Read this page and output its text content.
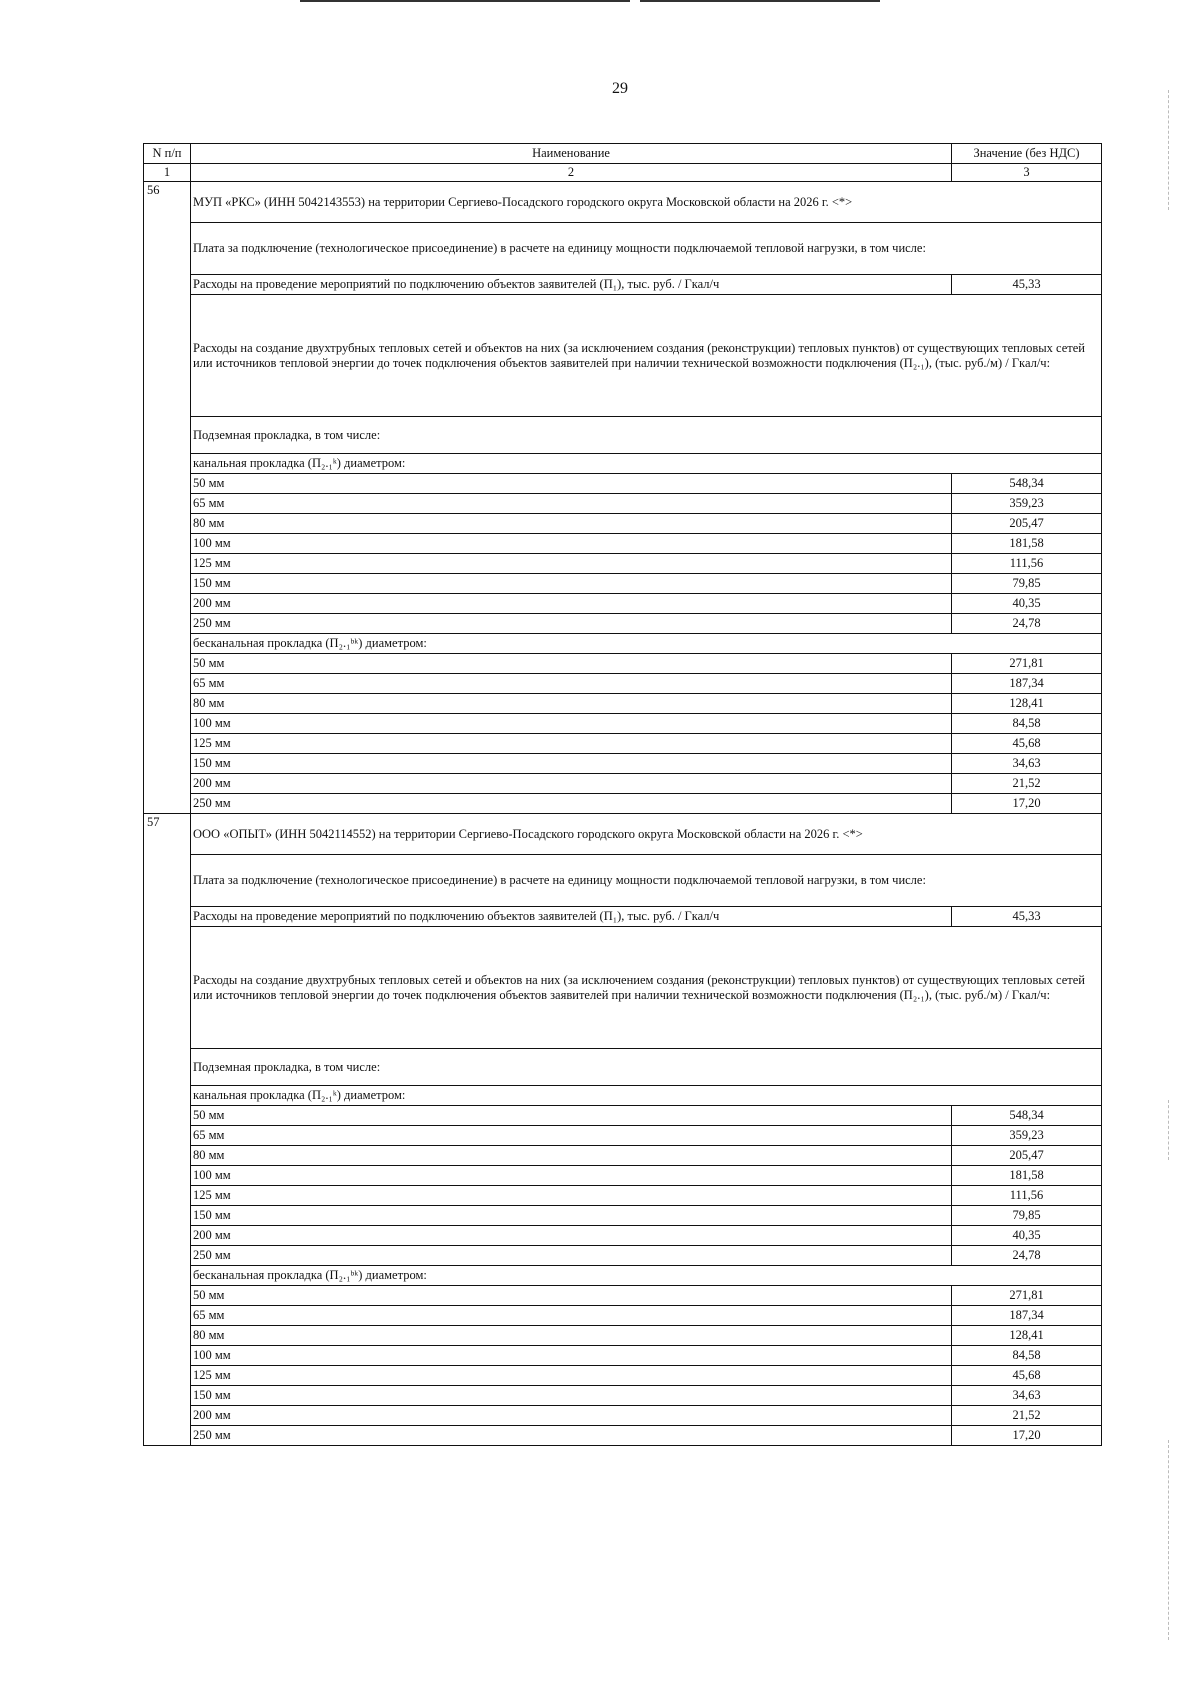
29
N п/п	Наименование	Значение (без НДС)
1	2	3
56	МУП «РКС» (ИНН 5042143553) на территории Сергиево-Посадского городского округа Московской области на 2026 г. <*>	
	Плата за подключение (технологическое присоединение) в расчете на единицу мощности подключаемой тепловой нагрузки, в том числе:	
	Расходы на проведение мероприятий по подключению объектов заявителей (П₁), тыс. руб. / Гкал/ч	45,33
	Расходы на создание двухтрубных тепловых сетей и объектов на них (за исключением создания (реконструкции) тепловых пунктов) от существующих тепловых сетей или источников тепловой энергии до точек подключения объектов заявителей при наличии технической возможности подключения (П₂.₁), (тыс. руб./м) / Гкал/ч:	
	Подземная прокладка, в том числе:	
	канальная прокладка (П₂.₁ᵏ) диаметром:	
	50 мм	548,34
	65 мм	359,23
	80 мм	205,47
	100 мм	181,58
	125 мм	111,56
	150 мм	79,85
	200 мм	40,35
	250 мм	24,78
	бесканальная прокладка (П₂.₁ᵇᵏ) диаметром:	
	50 мм	271,81
	65 мм	187,34
	80 мм	128,41
	100 мм	84,58
	125 мм	45,68
	150 мм	34,63
	200 мм	21,52
	250 мм	17,20
57	ООО «ОПЫТ» (ИНН 5042114552) на территории Сергиево-Посадского городского округа Московской области на 2026 г. <*>	
	Плата за подключение (технологическое присоединение) в расчете на единицу мощности подключаемой тепловой нагрузки, в том числе:	
	Расходы на проведение мероприятий по подключению объектов заявителей (П₁), тыс. руб. / Гкал/ч	45,33
	Расходы на создание двухтрубных тепловых сетей и объектов на них (за исключением создания (реконструкции) тепловых пунктов) от существующих тепловых сетей или источников тепловой энергии до точек подключения объектов заявителей при наличии технической возможности подключения (П₂.₁), (тыс. руб./м) / Гкал/ч:	
	Подземная прокладка, в том числе:	
	канальная прокладка (П₂.₁ᵏ) диаметром:	
	50 мм	548,34
	65 мм	359,23
	80 мм	205,47
	100 мм	181,58
	125 мм	111,56
	150 мм	79,85
	200 мм	40,35
	250 мм	24,78
	бесканальная прокладка (П₂.₁ᵇᵏ) диаметром:	
	50 мм	271,81
	65 мм	187,34
	80 мм	128,41
	100 мм	84,58
	125 мм	45,68
	150 мм	34,63
	200 мм	21,52
	250 мм	17,20
